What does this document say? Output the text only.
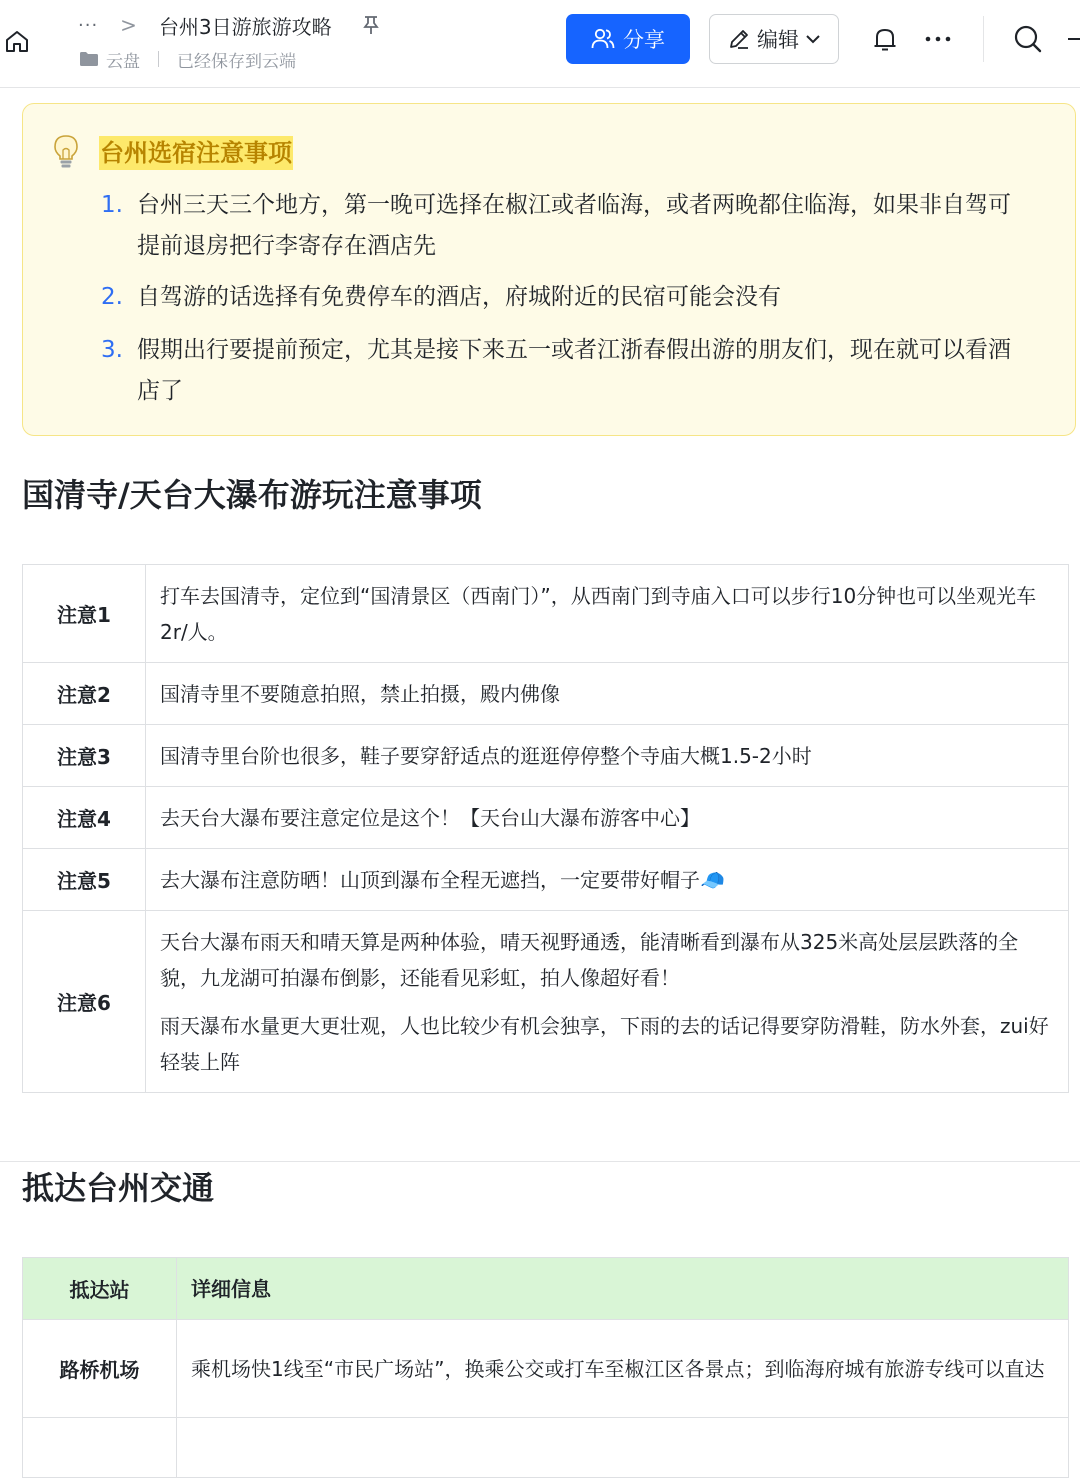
··· > 台州3日游旅游攻略
云盘 已经保存到云端
分享	编辑
台州选宿注意事项
1. 台州三天三个地方，第一晚可选择在椒江或者临海，或者两晚都住临海，如果非自驾可提前退房把行李寄存在酒店先
2. 自驾游的话选择有免费停车的酒店，府城附近的民宿可能会没有
3. 假期出行要提前预定，尤其是接下来五一或者江浙春假出游的朋友们，现在就可以看酒店了
国清寺/天台大瀑布游玩注意事项
注意1	打车去国清寺，定位到“国清景区（西南门）”，从西南门到寺庙入口可以步行10分钟也可以坐观光车2r/人。

注意2	国清寺里不要随意拍照，禁止拍摄，殿内佛像

注意3	国清寺里台阶也很多，鞋子要穿舒适点的逛逛停停整个寺庙大概1.5-2小时

注意4	去天台大瀑布要注意定位是这个！【天台山大瀑布游客中心】

注意5	去大瀑布注意防晒！山顶到瀑布全程无遮挡，一定要带好帽子🧢

注意6	天台大瀑布雨天和晴天算是两种体验，晴天视野通透，能清晰看到瀑布从325米高处层层跌落的全貌，九龙湖可拍瀑布倒影，还能看见彩虹，拍人像超好看！

雨天瀑布水量更大更壮观，人也比较少有机会独享，下雨的去的话记得要穿防滑鞋，防水外套，zui好轻装上阵

抵达台州交通
抵达站	详细信息
路桥机场	乘机场快1线至“市民广场站”，换乘公交或打车至椒江区各景点；到临海府城有旅游专线可以直达
